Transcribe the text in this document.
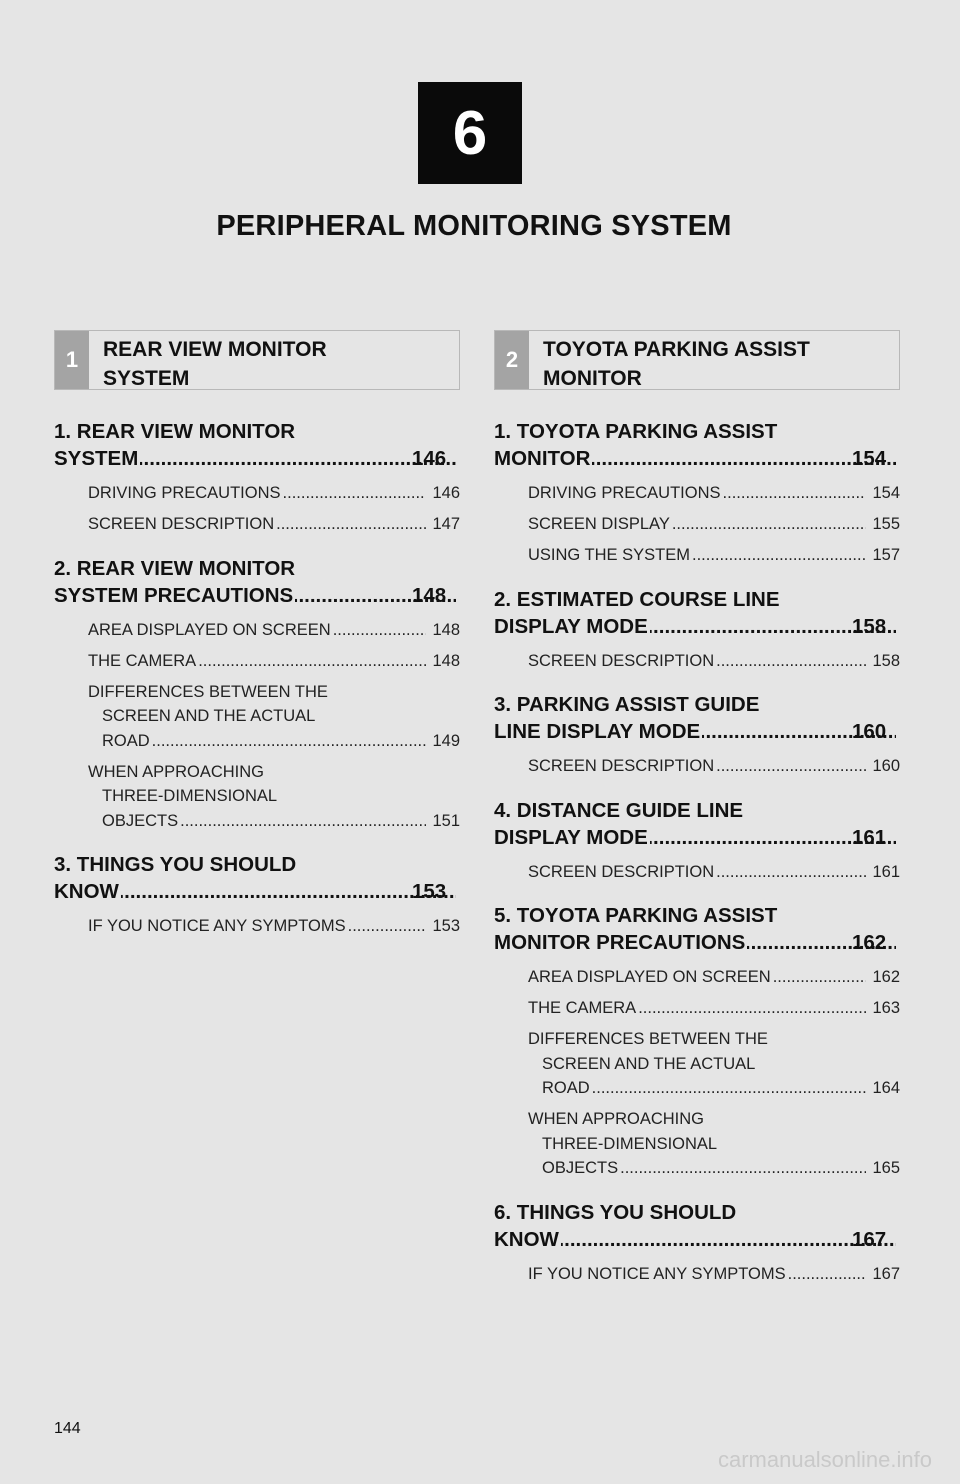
6
PERIPHERAL MONITORING SYSTEM
1	REAR VIEW MONITOR
SYSTEM
1. REAR VIEW MONITOR
SYSTEM .....	146
DRIVING PRECAUTIONS .....	146
SCREEN DESCRIPTION .....	147
2. REAR VIEW MONITOR
SYSTEM PRECAUTIONS .....	148
AREA DISPLAYED ON SCREEN .....	148
THE CAMERA .....	148
DIFFERENCES BETWEEN THE
SCREEN AND THE ACTUAL
ROAD .....	149
WHEN APPROACHING
THREE-DIMENSIONAL
OBJECTS .....	151
3. THINGS YOU SHOULD
KNOW .....	153
IF YOU NOTICE ANY SYMPTOMS .....	153
2	TOYOTA PARKING ASSIST
MONITOR
1. TOYOTA PARKING ASSIST
MONITOR .....	154
DRIVING PRECAUTIONS .....	154
SCREEN DISPLAY .....	155
USING THE SYSTEM .....	157
2. ESTIMATED COURSE LINE
DISPLAY MODE .....	158
SCREEN DESCRIPTION .....	158
3. PARKING ASSIST GUIDE
LINE DISPLAY MODE .....	160
SCREEN DESCRIPTION .....	160
4. DISTANCE GUIDE LINE
DISPLAY MODE .....	161
SCREEN DESCRIPTION .....	161
5. TOYOTA PARKING ASSIST
MONITOR PRECAUTIONS .....	162
AREA DISPLAYED ON SCREEN .....	162
THE CAMERA .....	163
DIFFERENCES BETWEEN THE
SCREEN AND THE ACTUAL
ROAD .....	164
WHEN APPROACHING
THREE-DIMENSIONAL
OBJECTS .....	165
6. THINGS YOU SHOULD
KNOW .....	167
IF YOU NOTICE ANY SYMPTOMS .....	167
144
carmanualsonline.info
